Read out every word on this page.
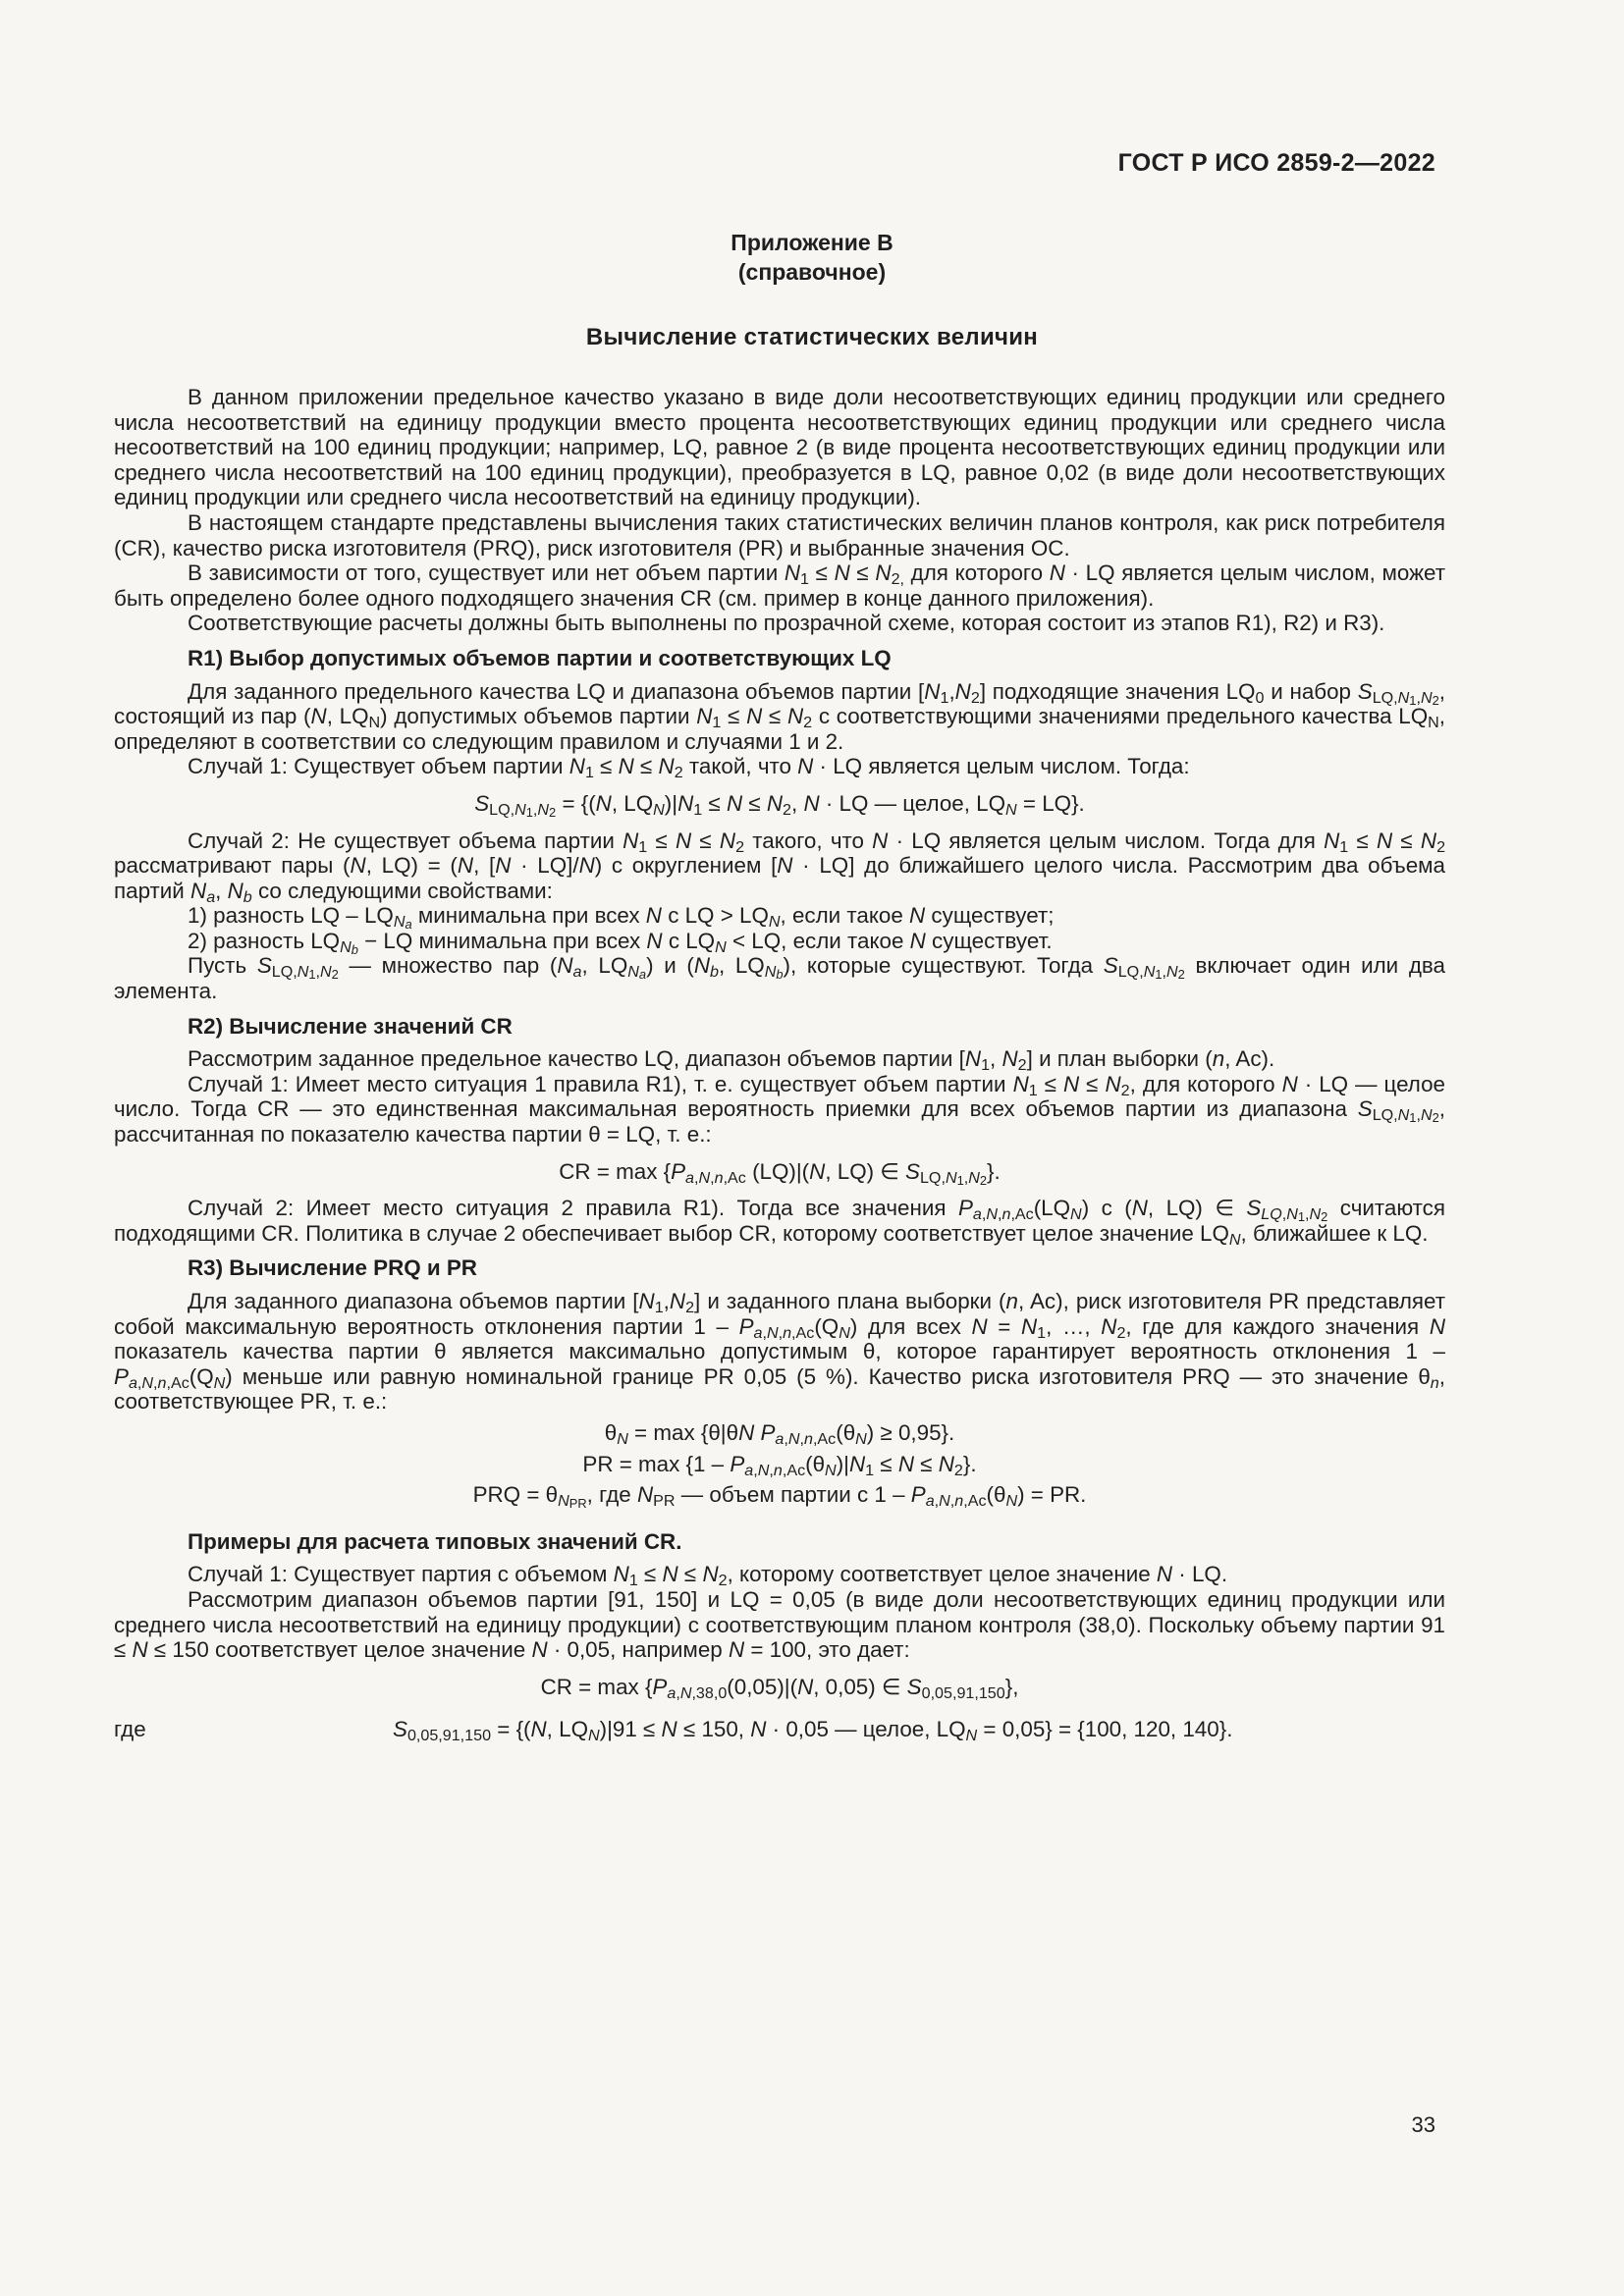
ГОСТ Р ИСО 2859-2—2022
Приложение В
(справочное)
Вычисление статистических величин

В данном приложении предельное качество указано в виде доли несоответствующих единиц продукции или среднего числа несоответствий на единицу продукции вместо процента несоответствующих единиц продукции или среднего числа несоответствий на 100 единиц продукции; например, LQ, равное 2 (в виде процента несоответствующих единиц продукции или среднего числа несоответствий на 100 единиц продукции), преобразуется в LQ, равное 0,02 (в виде доли несоответствующих единиц продукции или среднего числа несоответствий на единицу продукции).

В настоящем стандарте представлены вычисления таких статистических величин планов контроля, как риск потребителя (CR), качество риска изготовителя (PRQ), риск изготовителя (PR) и выбранные значения ОС.

В зависимости от того, существует или нет объем партии $N_1 \le N \le N_{2,}$ для которого N · LQ является целым числом, может быть определено более одного подходящего значения CR (см. пример в конце данного приложения).

Соответствующие расчеты должны быть выполнены по прозрачной схеме, которая состоит из этапов R1), R2) и R3).

R1) Выбор допустимых объемов партии и соответствующих LQ

Для заданного предельного качества LQ и диапазона объемов партии $[N_1,N_2]$ подходящие значения $LQ_0$ и набор $S_{LQ,N_1,N_2}$, состоящий из пар (N, $LQ_N$) допустимых объемов партии $N_1 \le N \le N_2$ с соответствующими значениями предельного качества $LQ_N$, определяют в соответствии со следующим правилом и случаями 1 и 2.

Случай 1: Существует объем партии $N_1 \le N \le N_2$ такой, что N · LQ является целым числом. Тогда:

$S_{LQ,N_1,N_2} = \{(N$, $LQ_N)|N_1 \le N \le N_2$, N · LQ — целое, $LQ_N = LQ$}.

Случай 2: Не существует объема партии $N_1 \le N \le N_2$ такого, что N · LQ является целым числом. Тогда для $N_1 \le N \le N_2$ рассматривают пары (N, LQ) = (N, [N · LQ]/N) с округлением [N · LQ] до ближайшего целого числа. Рассмотрим два объема партий $N_a$, $N_b$ со следующими свойствами:

1) разность LQ – $LQ_{N_a}$ минимальна при всех N с LQ > $LQ_N$, если такое N существует;

2) разность $LQ_{N_b}$ − LQ минимальна при всех N с $LQ_N$ < LQ, если такое N существует.

Пусть $S_{LQ,N_1,N_2}$ — множество пар ($N_a$, $LQ_{N_a}$) и ($N_b$, $LQ_{N_b}$), которые существуют. Тогда $S_{LQ,N_1,N_2}$ включает один или два элемента.

R2) Вычисление значений CR

Рассмотрим заданное предельное качество LQ, диапазон объемов партии [$N_1$, $N_2$] и план выборки (n, Ac).

Случай 1: Имеет место ситуация 1 правила R1), т. е. существует объем партии $N_1 \le N \le N_2$, для которого N · LQ — целое число. Тогда CR — это единственная максимальная вероятность приемки для всех объемов партии из диапазона $S_{LQ,N_1,N_2}$, рассчитанная по показателю качества партии θ = LQ, т. е.:

CR = $\max \{P_{a,N,n,Ac}$ (LQ)|(N, LQ) ∈ $S_{LQ,N_1,N_2}$}.

Случай 2: Имеет место ситуация 2 правила R1). Тогда все значения $P_{a,N,n,Ac}(LQ_N)$ с (N, LQ) ∈ $S_{LQ,N_1,N_2}$ считаются подходящими CR. Политика в случае 2 обеспечивает выбор CR, которому соответствует целое значение $LQ_N$, ближайшее к LQ.

R3) Вычисление PRQ и PR

Для заданного диапазона объемов партии $[N_1,N_2]$ и заданного плана выборки (n, Ac), риск изготовителя PR представляет собой максимальную вероятность отклонения партии $1 - P_{a,N,n,Ac}(Q_N)$ для всех $N = N_1$, …, $N_2$, где для каждого значения N показатель качества партии θ является максимально допустимым θ, которое гарантирует вероятность отклонения $1 - P_{a,N,n,Ac}(Q_N)$ меньше или равную номинальной границе PR 0,05 (5 %). Качество риска изготовителя PRQ — это значение $\theta_n$, соответствующее PR, т. е.:

$\theta_N = \max \{\theta|\theta N$ $P_{a,N,n,Ac}(\theta_N) \ge 0,95$}.

PR = $\max \{1 - P_{a,N,n,Ac}(\theta_N)|N_1 \le N \le N_2\}$.

PRQ = $\theta_{N_{PR}}$, где $N_{PR}$ — объем партии с $1 - P_{a,N,n,Ac}(\theta_N)$ = PR.

Примеры для расчета типовых значений CR.

Случай 1: Существует партия с объемом $N_1 \le N \le N_2$, которому соответствует целое значение N · LQ.

Рассмотрим диапазон объемов партии [91, 150] и LQ = 0,05 (в виде доли несоответствующих единиц продукции или среднего числа несоответствий на единицу продукции) с соответствующим планом контроля (38,0). Поскольку объему партии 91 ≤ N ≤ 150 соответствует целое значение N · 0,05, например N = 100, это дает:

CR = $\max \{P_{a,N,38,0}(0,05)|(N$, 0,05) ∈ $S_{0,05,91,150}$},

где	$S_{0,05,91,150} = \{(N$, $LQ_N)|91 \le N \le 150$, N · 0,05 — целое, $LQ_N = 0,05\} = \{100$, 120, 140}.
33
